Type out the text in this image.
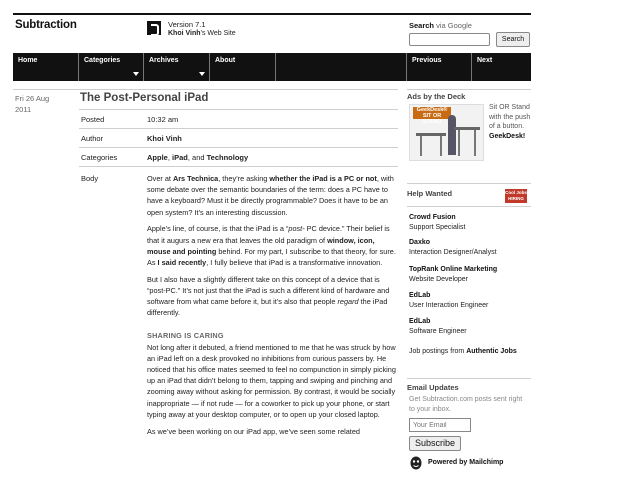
Subtraction	Version 7.1
Khoi Vinh’s Web Site
Search via Google
Search
Home	Categories	Archives	About	Previous	Next
Fri 26 Aug
2011
The Post-Personal iPad
Posted	10:32 am
Author	Khoi Vinh
Categories	Apple, iPad, and Technology
Body	Over at Ars Technica, they’re asking whether the iPad is a PC or not, with some debate over the semantic boundaries of the term: does a PC have to have a keyboard? Must it be directly programmable? Does it have to be an open system? It’s an interesting discussion.

Apple’s line, of course, is that the iPad is a “post- PC device.” Their belief is that it augurs a new era that leaves the old paradigm of window, icon, mouse and pointing behind. For my part, I subscribe to that theory, for sure. As I said recently, I fully believe that iPad is a transformative innovation.

But I also have a slightly different take on this concept of a device that is “post-PC.” It’s not just that the iPad is such a different kind of hardware and software from what came before it, but it’s also that people regard the iPad differently.

SHARING IS CARING

Not long after it debuted, a friend mentioned to me that he was struck by how an iPad left on a desk provoked no inhibitions from curious passers by. He noticed that his office mates seemed to feel no compunction in simply picking up an iPad that didn’t belong to them, tapping and swiping and pinching and zooming away without asking for permission. By contrast, it would be socially inappropriate — if not rude — for a coworker to pick up your phone, or start typing away at your desktop computer, or to open up your closed laptop.

As we’ve been working on our iPad app, we’ve seen some related

Ads by the Deck
GeekDesk®
SIT OR STAND
Sit OR Stand with the push of a button. GeekDesk!
Help Wanted	Cool Jobs HIRING
Crowd Fusion
Support Specialist
Daxko
Interaction Designer/Analyst
TopRank Online Marketing
Website Developer
EdLab
User Interaction Engineer
EdLab
Software Engineer
Job postings from Authentic Jobs
Email Updates
Get Subtraction.com posts sent right to your inbox.
Your Email
Subscribe
Powered by Mailchimp
